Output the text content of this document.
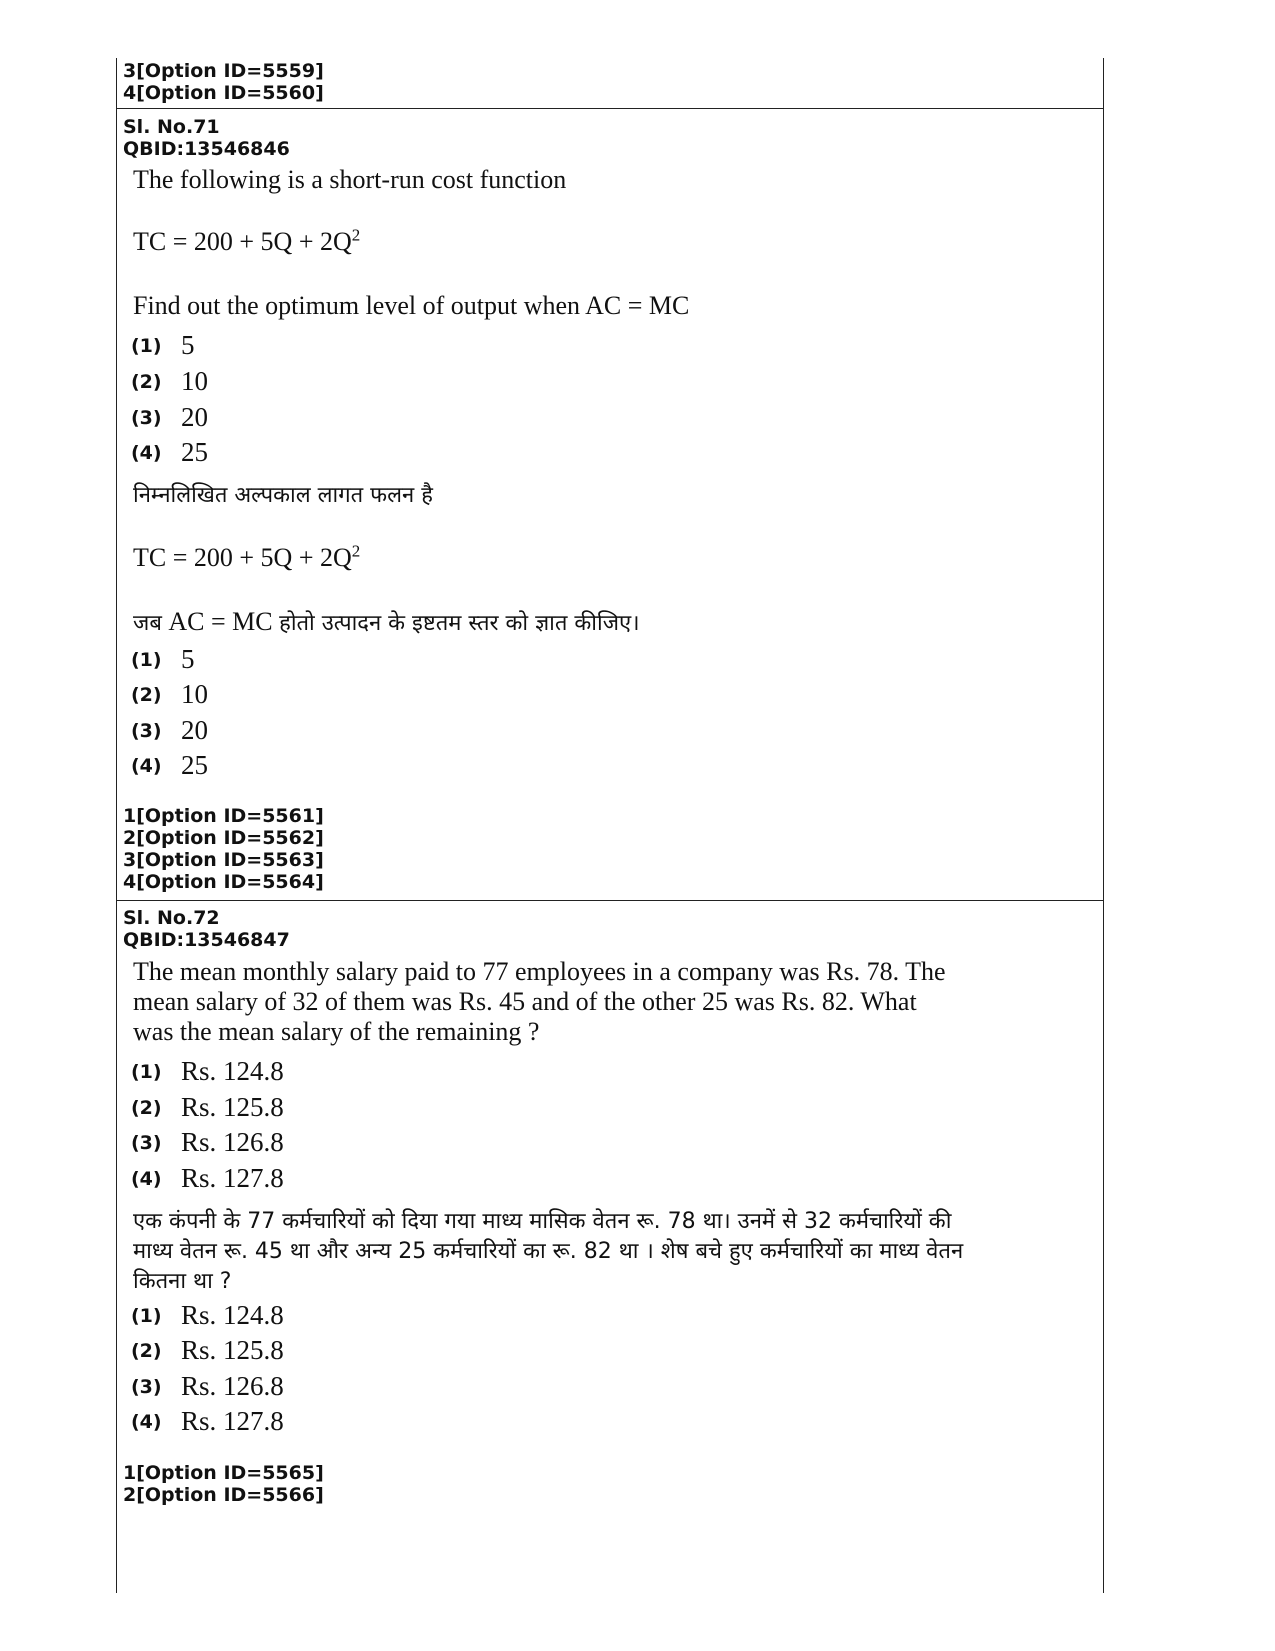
3[Option ID=5559]
4[Option ID=5560]
Sl. No.71
QBID:13546846
The following is a short-run cost function
TC = $200 + 5Q + 2Q^2$
Find out the optimum level of output when AC = MC
(1) 5
(2) 10
(3) 20
(4) 25
निम्नलिखित अल्पकाल लागत फलन है
TC = $200 + 5Q + 2Q^2$
जब AC = MC होतो उत्पादन के इष्टतम स्तर को ज्ञात कीजिए।
(1) 5
(2) 10
(3) 20
(4) 25
1[Option ID=5561]
2[Option ID=5562]
3[Option ID=5563]
4[Option ID=5564]
Sl. No.72
QBID:13546847
The mean monthly salary paid to 77 employees in a company was Rs. 78. The
mean salary of 32 of them was Rs. 45 and of the other 25 was Rs. 82. What
was the mean salary of the remaining ?
(1) Rs. 124.8
(2) Rs. 125.8
(3) Rs. 126.8
(4) Rs. 127.8
एक कंपनी के 77 कर्मचारियों को दिया गया माध्य मासिक वेतन रू. 78 था। उनमें से 32 कर्मचारियों की
माध्य वेतन रू. 45 था और अन्य 25 कर्मचारियों का रू. 82 था । शेष बचे हुए कर्मचारियों का माध्य वेतन
कितना था ?
(1) Rs. 124.8
(2) Rs. 125.8
(3) Rs. 126.8
(4) Rs. 127.8
1[Option ID=5565]
2[Option ID=5566]
